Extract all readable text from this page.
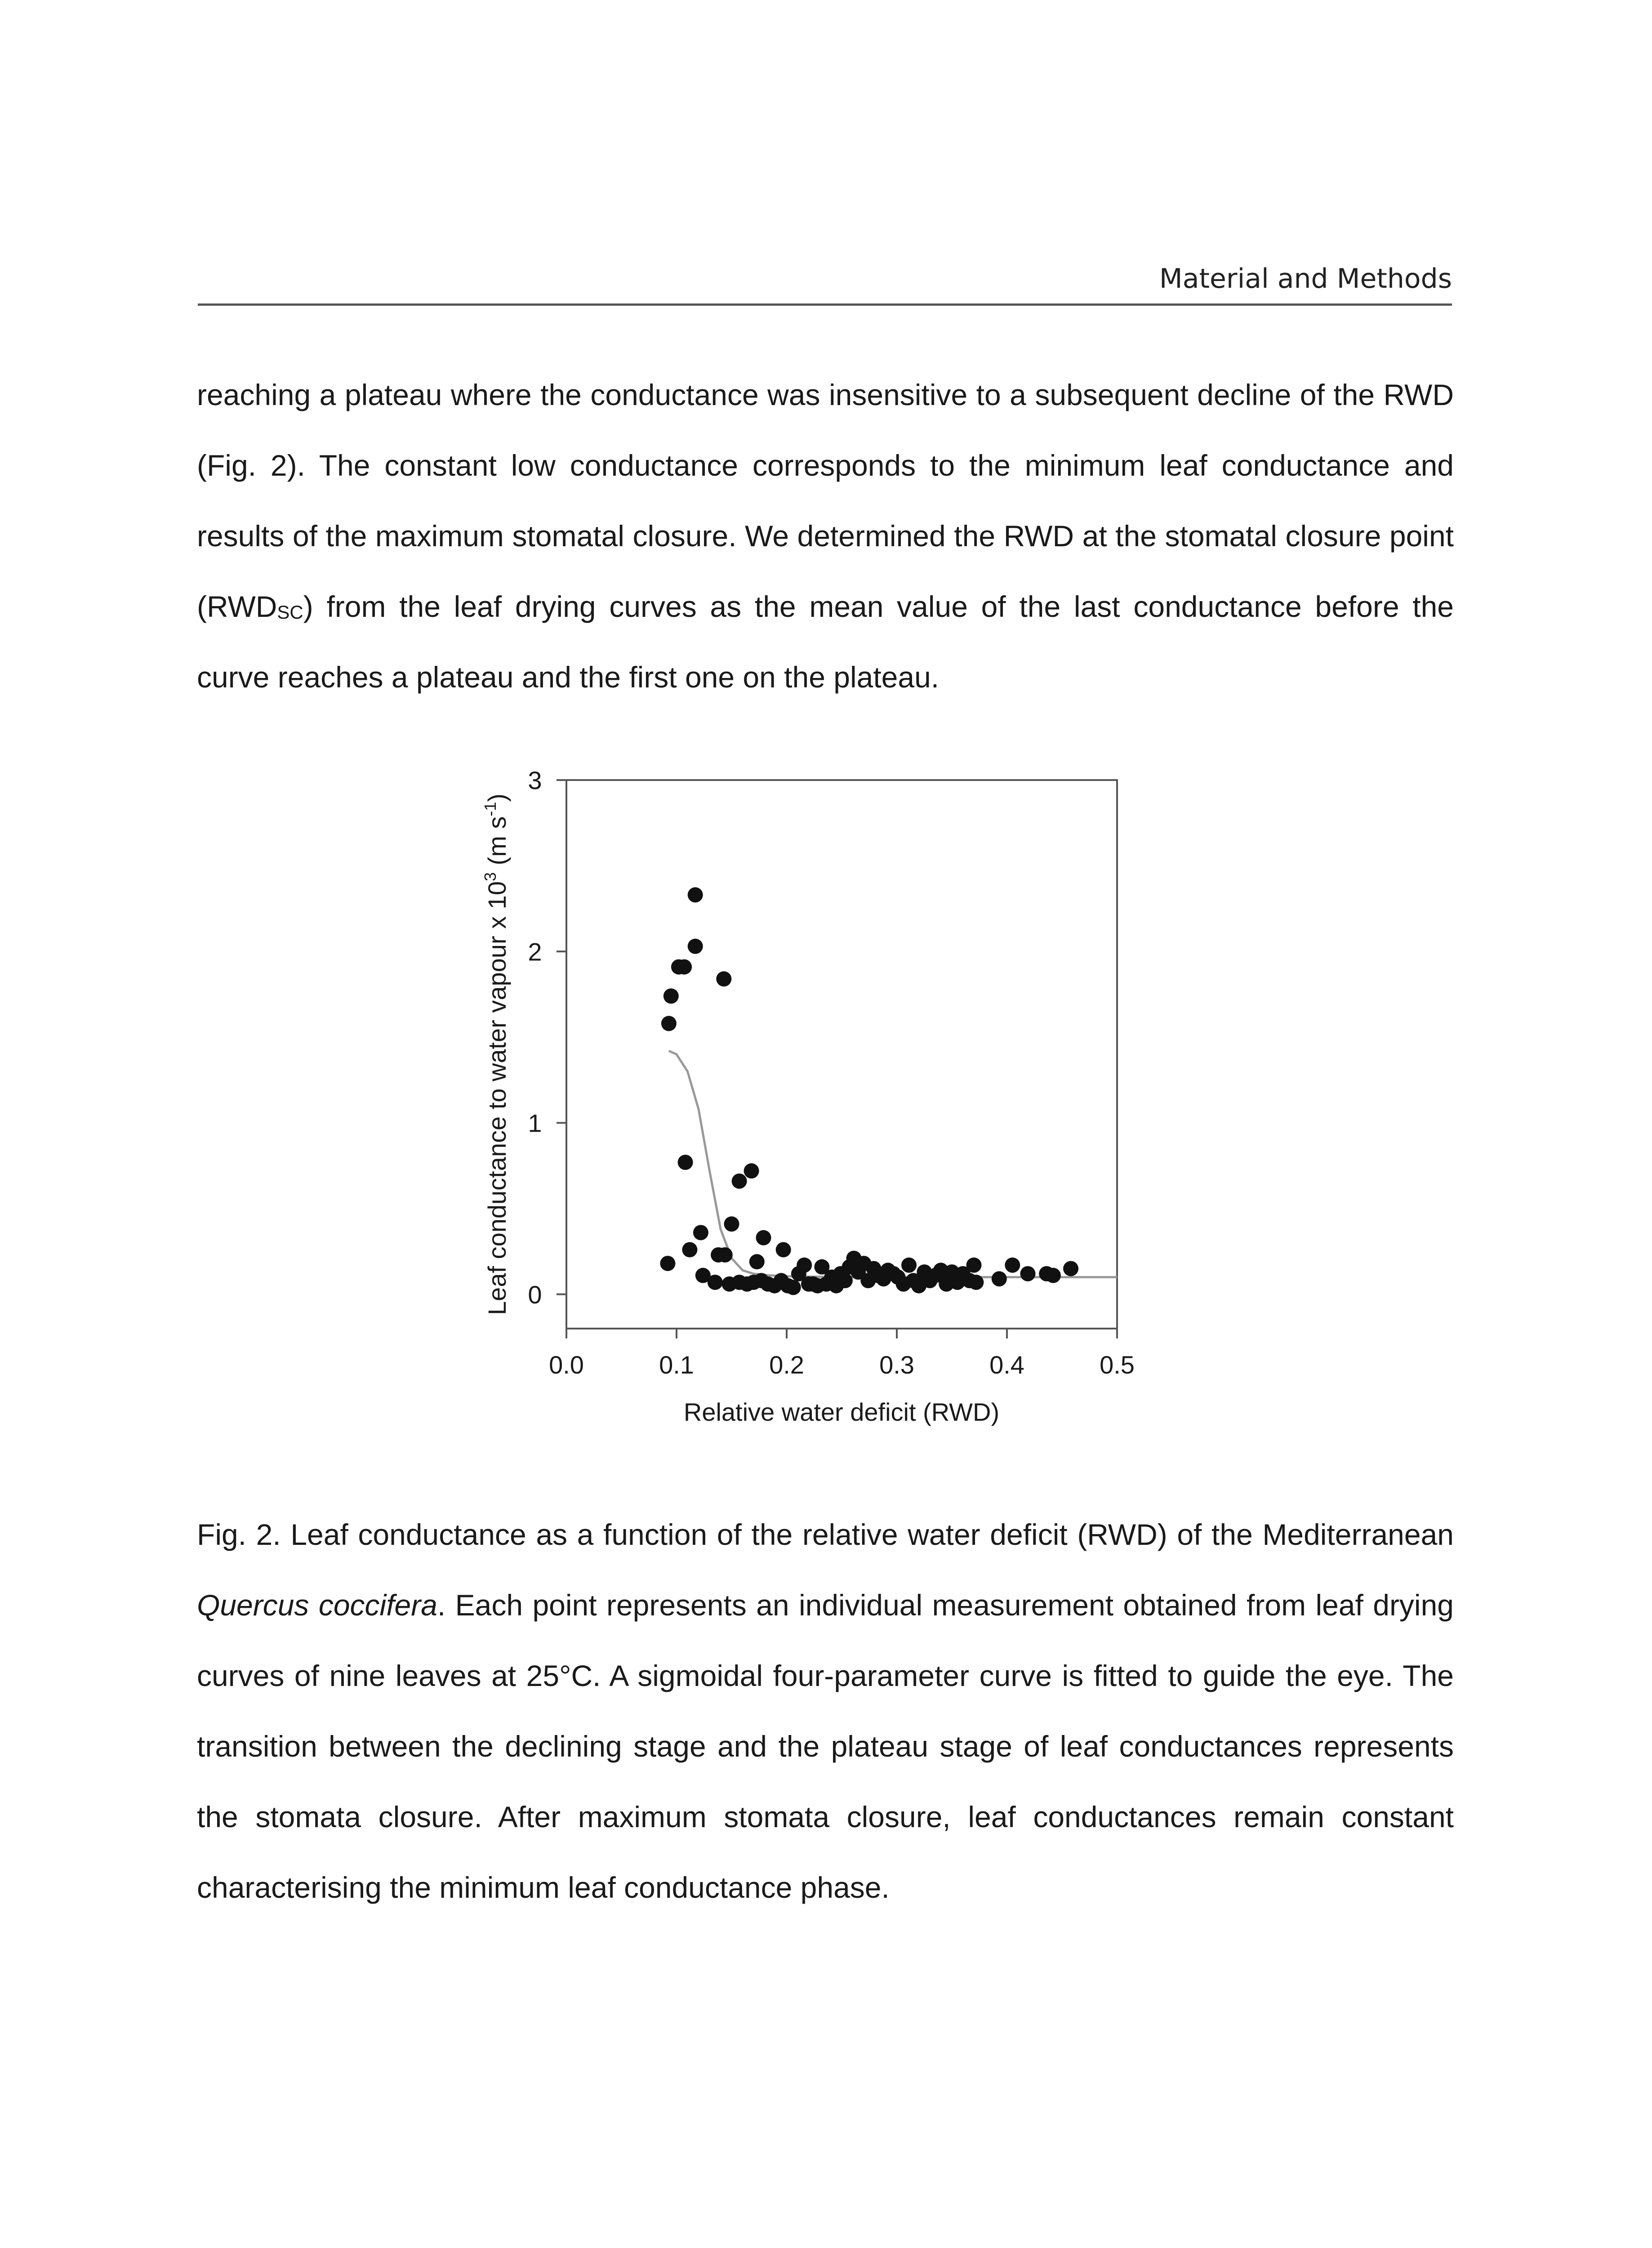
Material and Methods

reaching a plateau where the conductance was insensitive to a subsequent decline of the RWD (Fig. 2). The constant low conductance corresponds to the minimum leaf conductance and results of the maximum stomatal closure. We determined the RWD at the stomatal closure point $(RWD_{SC})$ from the leaf drying curves as the mean value of the last conductance before the curve reaches a plateau and the first one on the plateau.

0.0	0.1	0.2	0.3	0.4	0.5
0
1
2
3
Relative water deficit (RWD)
Leaf conductance to water vapour x $10^3$ (m $s^{-1}$)

Fig. 2. Leaf conductance as a function of the relative water deficit (RWD) of the Mediterranean Quercus coccifera. Each point represents an individual measurement obtained from leaf drying curves of nine leaves at 25°C. A sigmoidal four-parameter curve is fitted to guide the eye. The transition between the declining stage and the plateau stage of leaf conductances represents the stomata closure. After maximum stomata closure, leaf conductances remain constant characterising the minimum leaf conductance phase.
